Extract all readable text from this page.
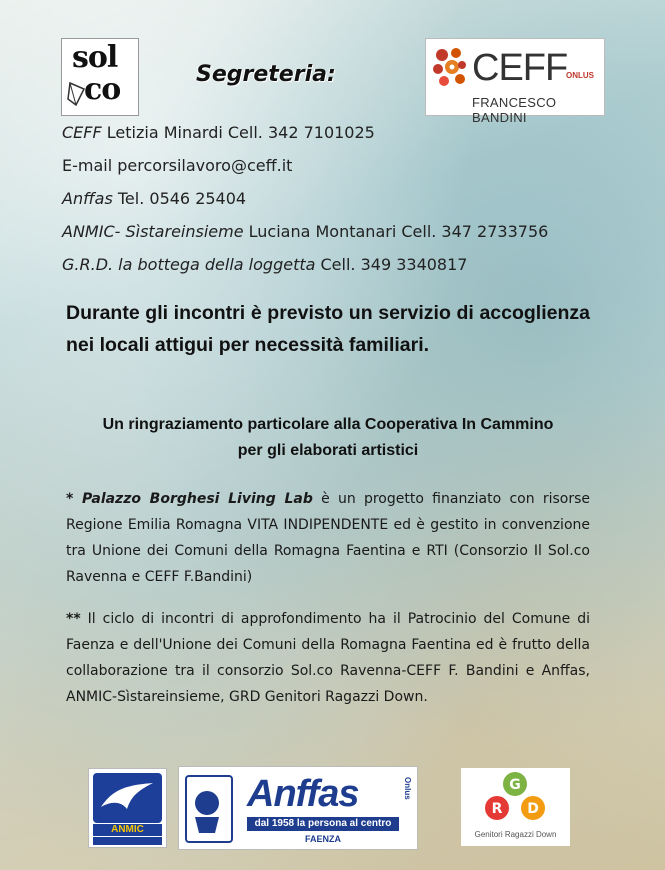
sol
co	Segreteria:	CEFF
ONLUS
FRANCESCO BANDINI
CEFF Letizia Minardi Cell. 342 7101025
E-mail percorsilavoro@ceff.it
Anffas Tel. 0546 25404
ANMIC- Sìstareinsieme Luciana Montanari Cell. 347 2733756
G.R.D. la bottega della loggetta Cell. 349 3340817
Durante gli incontri è previsto un servizio di accoglienza nei locali attigui per necessità familiari.
Un ringraziamento particolare alla Cooperativa In Cammino
per gli elaborati artistici
* Palazzo Borghesi Living Lab è un progetto finanziato con risorse Regione Emilia Romagna VITA INDIPENDENTE ed è gestito in convenzione tra Unione dei Comuni della Romagna Faentina e RTI (Consorzio Il Sol.co Ravenna e CEFF F.Bandini)
** Il ciclo di incontri di approfondimento ha il Patrocinio del Comune di Faenza e dell'Unione dei Comuni della Romagna Faentina ed è frutto della collaborazione tra il consorzio Sol.co Ravenna-CEFF F. Bandini e Anffas, ANMIC-Sìstareinsieme, GRD Genitori Ragazzi Down.
ANMIC
Anffas	Onlus
dal 1958 la persona al centro
FAENZA
G
R D
Genitori Ragazzi Down
